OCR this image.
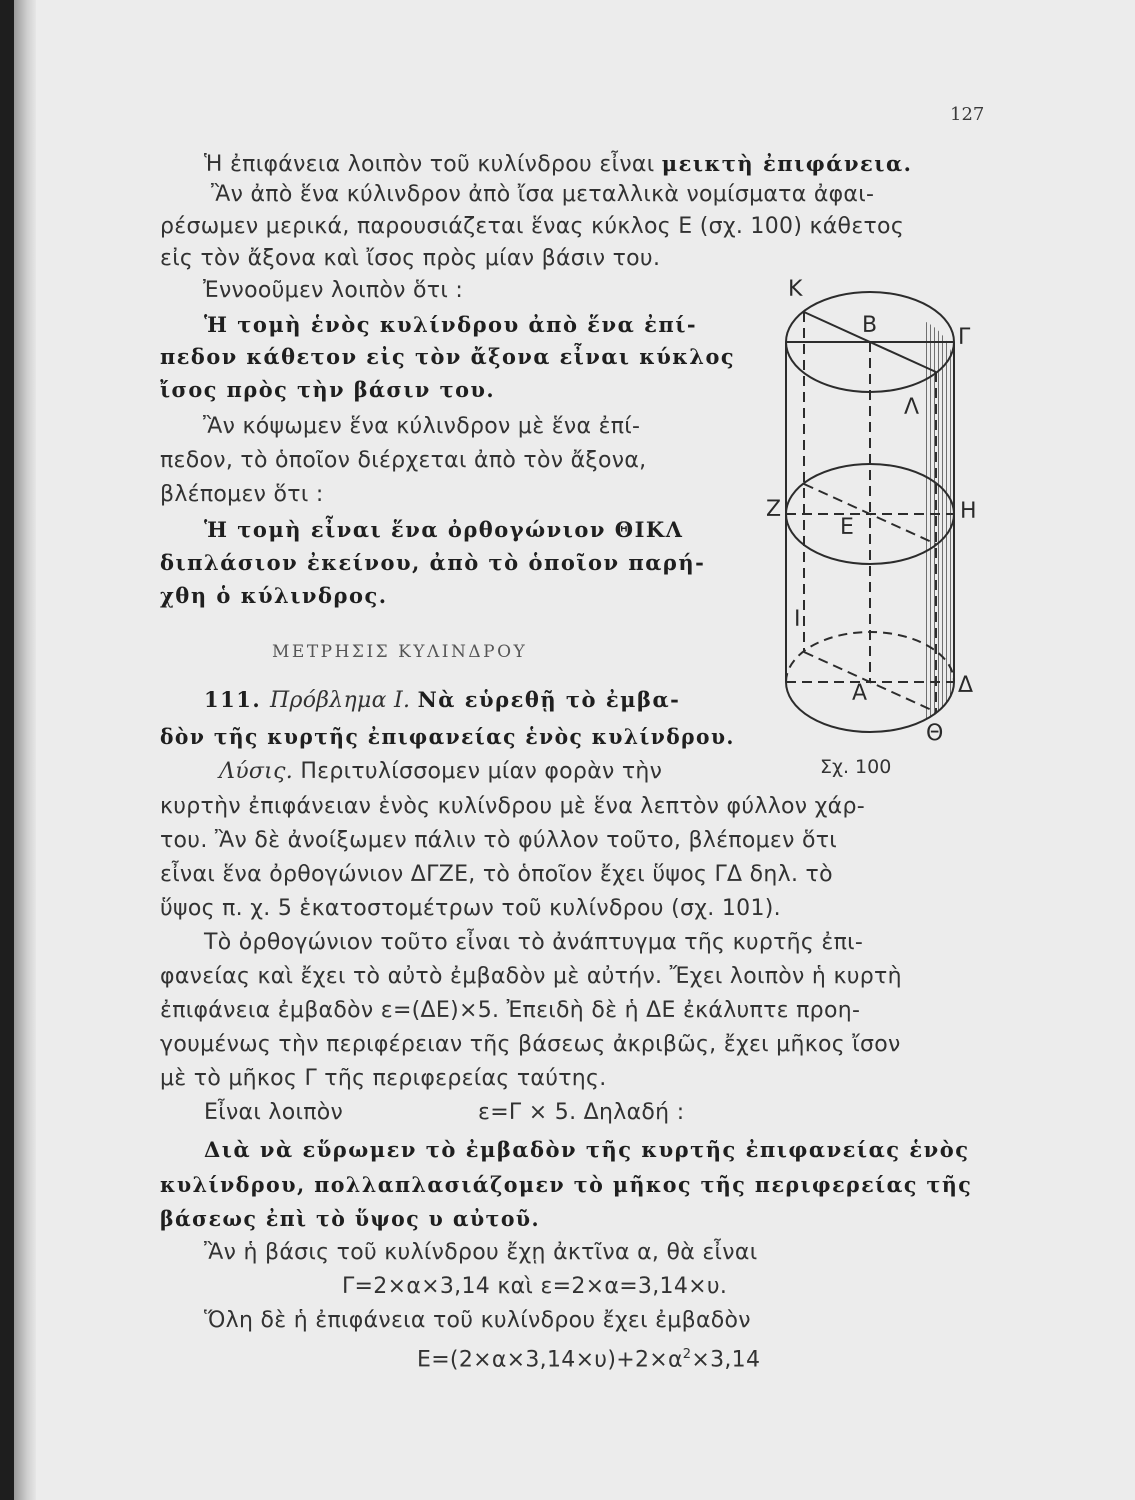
127
Ἡ ἐπιφάνεια λοιπὸν τοῦ κυλίνδρου εἶναι μεικτὴ ἐπιφάνεια.
Ἂν ἀπὸ ἕνα κύλινδρον ἀπὸ ἴσα μεταλλικὰ νομίσματα ἀφαι-
ρέσωμεν μερικά, παρουσιάζεται ἕνας κύκλος Ε (σχ. 100) κάθετος
εἰς τὸν ἄξονα καὶ ἴσος πρὸς μίαν βάσιν του.
Ἐννοοῦμεν λοιπὸν ὅτι :
Ἡ τομὴ ἑνὸς κυλίνδρου ἀπὸ ἕνα ἐπί-
πεδον κάθετον εἰς τὸν ἄξονα εἶναι κύκλος
ἴσος πρὸς τὴν βάσιν του.
Ἂν κόψωμεν ἕνα κύλινδρον μὲ ἕνα ἐπί-
πεδον, τὸ ὁποῖον διέρχεται ἀπὸ τὸν ἄξονα,
βλέπομεν ὅτι :
Ἡ τομὴ εἶναι ἕνα ὀρθογώνιον ΘΙΚΛ
διπλάσιον ἐκείνου, ἀπὸ τὸ ὁποῖον παρή-
χθη ὁ κύλινδρος.
ΜΕΤΡΗΣΙΣ ΚΥΛΙΝΔΡΟΥ
111. Πρόβλημα Ι. Νὰ εὑρεθῇ τὸ ἐμβα-
δὸν τῆς κυρτῆς ἐπιφανείας ἑνὸς κυλίνδρου.
Λύσις. Περιτυλίσσομεν μίαν φορὰν τὴν
κυρτὴν ἐπιφάνειαν ἑνὸς κυλίνδρου μὲ ἕνα λεπτὸν φύλλον χάρ-
του. Ἂν δὲ ἀνοίξωμεν πάλιν τὸ φύλλον τοῦτο, βλέπομεν ὅτι
εἶναι ἕνα ὀρθογώνιον ΔΓΖΕ, τὸ ὁποῖον ἔχει ὕψος ΓΔ δηλ. τὸ
ὕψος π. χ. 5 ἑκατοστομέτρων τοῦ κυλίνδρου (σχ. 101).
Τὸ ὀρθογώνιον τοῦτο εἶναι τὸ ἀνάπτυγμα τῆς κυρτῆς ἐπι-
φανείας καὶ ἔχει τὸ αὐτὸ ἐμβαδὸν μὲ αὐτήν. Ἔχει λοιπὸν ἡ κυρτὴ
ἐπιφάνεια ἐμβαδὸν ε=(ΔΕ)×5. Ἐπειδὴ δὲ ἡ ΔΕ ἐκάλυπτε προη-
γουμένως τὴν περιφέρειαν τῆς βάσεως ἀκριβῶς, ἔχει μῆκος ἴσον
μὲ τὸ μῆκος Γ τῆς περιφερείας ταύτης.
Εἶναι λοιπὸν	ε=Γ × 5. Δηλαδή :
Διὰ νὰ εὕρωμεν τὸ ἐμβαδὸν τῆς κυρτῆς ἐπιφανείας ἑνὸς
κυλίνδρου, πολλαπλασιάζομεν τὸ μῆκος τῆς περιφερείας τῆς
βάσεως ἐπὶ τὸ ὕψος υ αὐτοῦ.
Ἂν ἡ βάσις τοῦ κυλίνδρου ἔχῃ ἀκτῖνα α, θὰ εἶναι
Γ=2×α×3,14 καὶ ε=2×α=3,14×υ.
Ὅλη δὲ ἡ ἐπιφάνεια τοῦ κυλίνδρου ἔχει ἐμβαδὸν
$E=(2\times\alpha\times 3,14\times\upsilon)+2\times\alpha^2\times 3,14$
Κ
Β	Γ
Λ
Ζ
Ε
Η
Ι
Α	Δ
Θ
Σχ. 100
